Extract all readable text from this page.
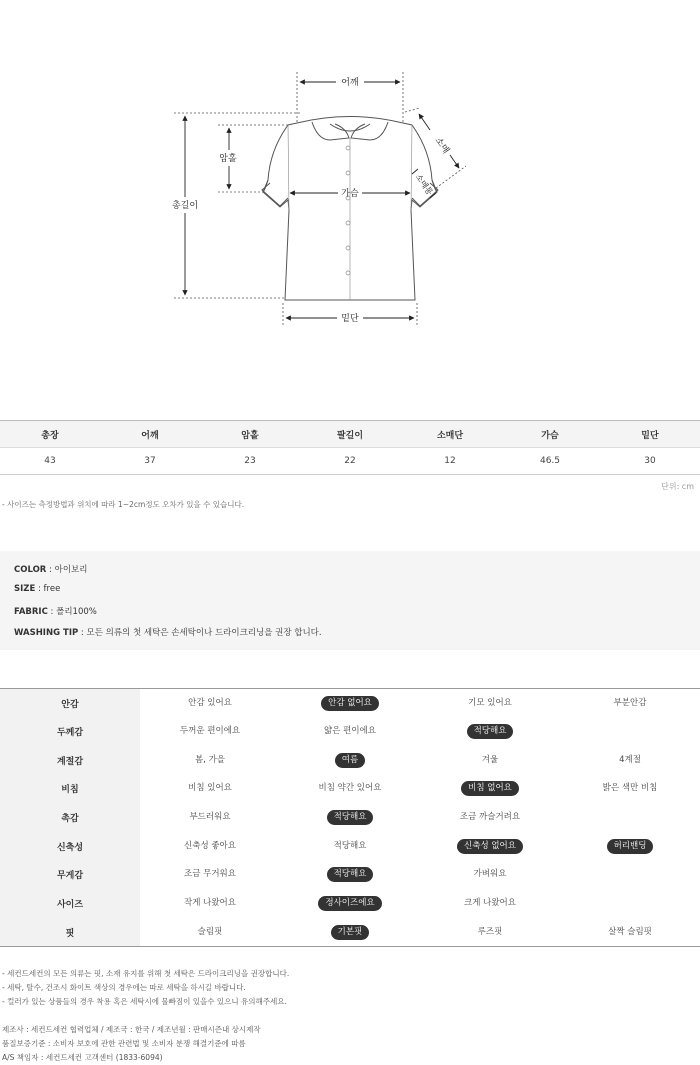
어깨
총길이
암홀
가슴
밑단
소매
소매통
총장	어깨	암홀	팔길이	소매단	가슴	밑단
43	37	23	22	12	46.5	30
단위: cm
- 사이즈는 측정방법과 위치에 따라 1~2cm정도 오차가 있을 수 있습니다.
COLOR : 아이보리
SIZE : free
FABRIC : 폴리100%
WASHING TIP : 모든 의류의 첫 세탁은 손세탁이나 드라이크리닝을 권장 합니다.
안감	안감 있어요	안감 없어요	기모 있어요	부분안감
두께감	두꺼운 편이에요	얇은 편이에요	적당해요	
계절감	봄, 가을	여름	겨울	4계절
비침	비침 있어요	비침 약간 있어요	비침 없어요	밝은 색만 비침
촉감	부드러워요	적당해요	조금 까슬거려요	
신축성	신축성 좋아요	적당해요	신축성 없어요	허리밴딩
무게감	조금 무거워요	적당해요	가벼워요	
사이즈	작게 나왔어요	정사이즈에요	크게 나왔어요	
핏	슬림핏	기본핏	루즈핏	살짝 슬림핏
- 세컨드세컨의 모든 의류는 핏, 소재 유지를 위해 첫 세탁은 드라이크리닝을 권장합니다.
- 세탁, 탈수, 건조시 화이트 색상의 경우에는 따로 세탁을 하시길 바랍니다.
- 컬러가 있는 상품들의 경우 착용 혹은 세탁시에 물빠짐이 있을수 있으니 유의해주세요.
제조사 : 세컨드세컨 협력업체 / 제조국 : 한국 / 제조년월 : 판매시즌내 상시제작
품질보증기준 : 소비자 보호에 관한 관련법 및 소비자 분쟁 해결기준에 따름
A/S 책임자 : 세컨드세컨 고객센터 (1833-6094)
